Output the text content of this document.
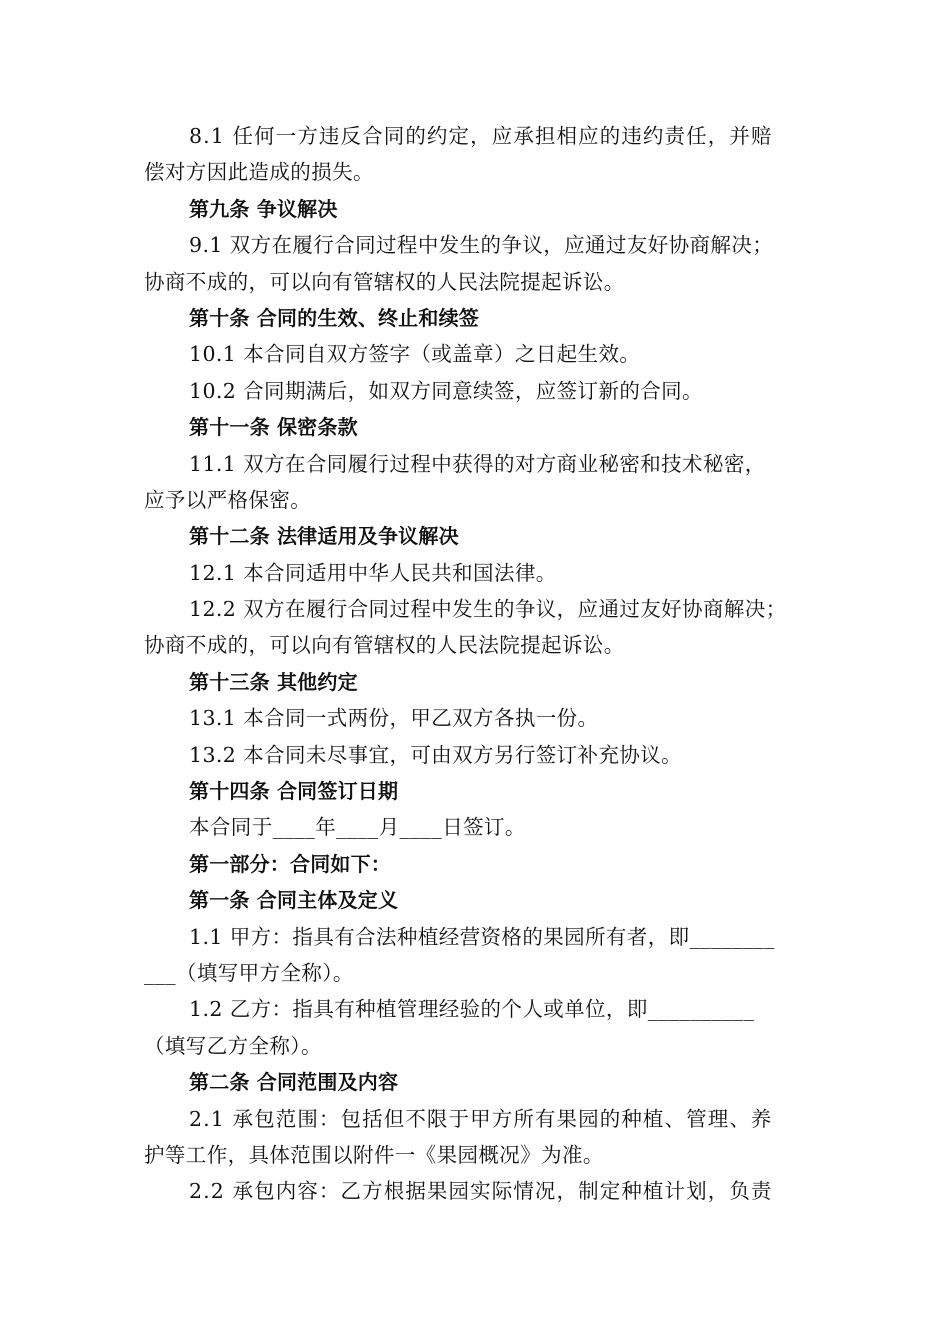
8.1 任何一方违反合同的约定，应承担相应的违约责任，并赔
偿对方因此造成的损失。
第九条 争议解决
9.1 双方在履行合同过程中发生的争议，应通过友好协商解决；
协商不成的，可以向有管辖权的人民法院提起诉讼。
第十条 合同的生效、终止和续签
10.1 本合同自双方签字（或盖章）之日起生效。
10.2 合同期满后，如双方同意续签，应签订新的合同。
第十一条 保密条款
11.1 双方在合同履行过程中获得的对方商业秘密和技术秘密，
应予以严格保密。
第十二条 法律适用及争议解决
12.1 本合同适用中华人民共和国法律。
12.2 双方在履行合同过程中发生的争议，应通过友好协商解决；
协商不成的，可以向有管辖权的人民法院提起诉讼。
第十三条 其他约定
13.1 本合同一式两份，甲乙双方各执一份。
13.2 本合同未尽事宜，可由双方另行签订补充协议。
第十四条 合同签订日期
本合同于____年____月____日签订。
第一部分：合同如下：
第一条 合同主体及定义
1.1 甲方：指具有合法种植经营资格的果园所有者，即________
___（填写甲方全称）。
1.2 乙方：指具有种植管理经验的个人或单位，即__________
（填写乙方全称）。
第二条 合同范围及内容
2.1 承包范围：包括但不限于甲方所有果园的种植、管理、养
护等工作，具体范围以附件一《果园概况》为准。
2.2 承包内容：乙方根据果园实际情况，制定种植计划，负责
